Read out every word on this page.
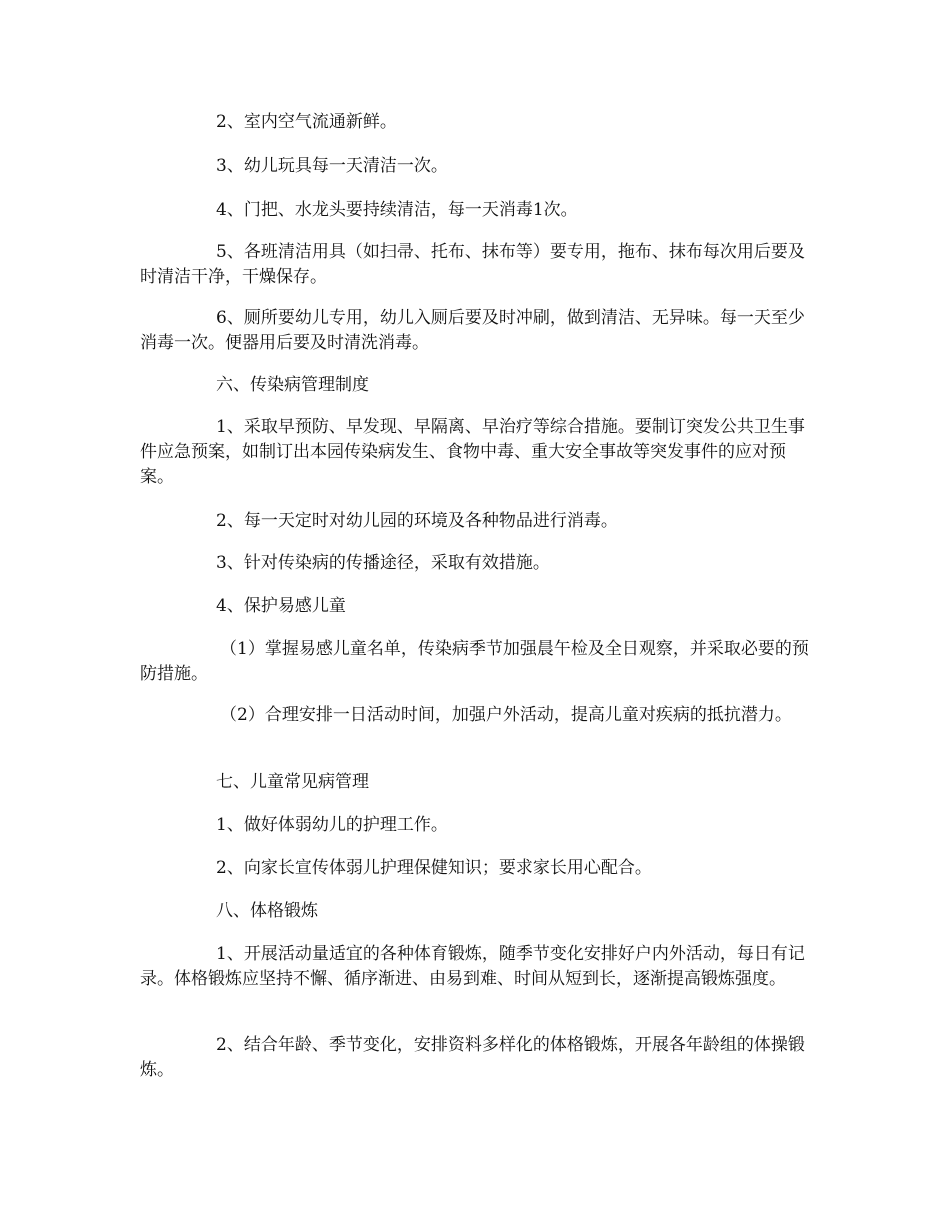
2、室内空气流通新鲜。

3、幼儿玩具每一天清洁一次。

4、门把、水龙头要持续清洁，每一天消毒1次。

5、各班清洁用具（如扫帚、托布、抹布等）要专用，拖布、抹布每次用后要及时清洁干净，干燥保存。

6、厕所要幼儿专用，幼儿入厕后要及时冲刷，做到清洁、无异味。每一天至少消毒一次。便器用后要及时清洗消毒。

六、传染病管理制度

1、采取早预防、早发现、早隔离、早治疗等综合措施。要制订突发公共卫生事件应急预案，如制订出本园传染病发生、食物中毒、重大安全事故等突发事件的应对预案。

2、每一天定时对幼儿园的环境及各种物品进行消毒。

3、针对传染病的传播途径，采取有效措施。

4、保护易感儿童

（1）掌握易感儿童名单，传染病季节加强晨午检及全日观察，并采取必要的预防措施。

（2）合理安排一日活动时间，加强户外活动，提高儿童对疾病的抵抗潜力。

七、儿童常见病管理

1、做好体弱幼儿的护理工作。

2、向家长宣传体弱儿护理保健知识；要求家长用心配合。

八、体格锻炼

1、开展活动量适宜的各种体育锻炼，随季节变化安排好户内外活动，每日有记录。体格锻炼应坚持不懈、循序渐进、由易到难、时间从短到长，逐渐提高锻炼强度。

2、结合年龄、季节变化，安排资料多样化的体格锻炼，开展各年龄组的体操锻炼。
